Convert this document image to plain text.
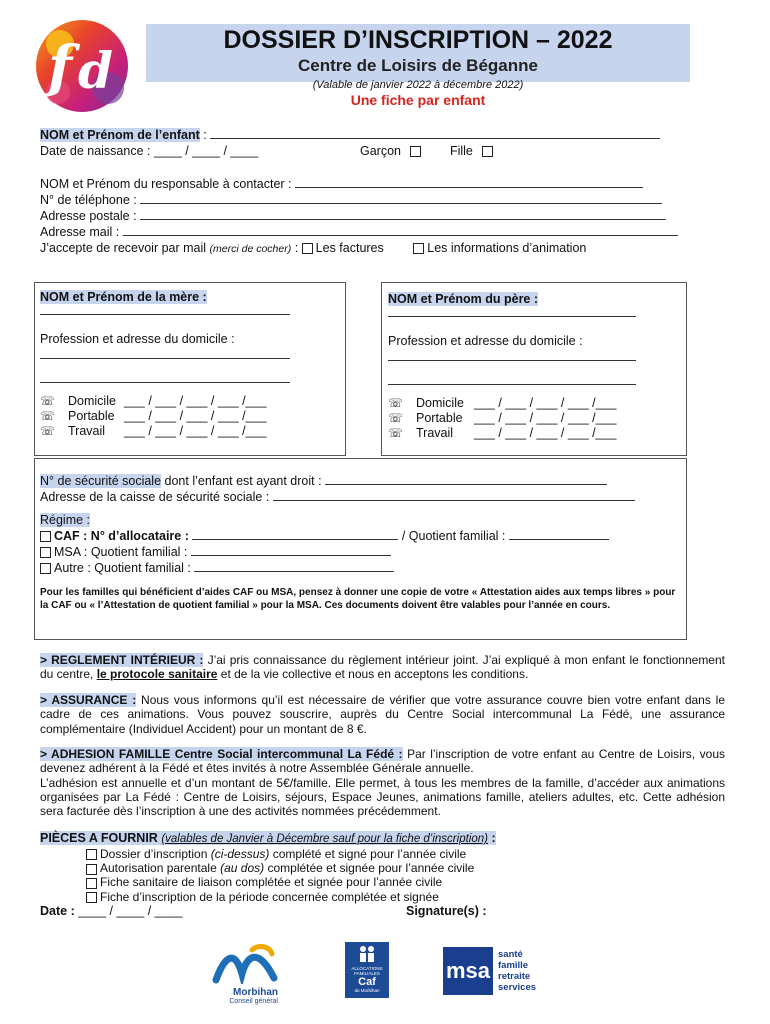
f d
DOSSIER D’INSCRIPTION – 2022
Centre de Loisirs de Béganne
(Valable de janvier 2022 à décembre 2022)
Une fiche par enfant
NOM et Prénom de l’enfant :
Date de naissance : ____ / ____ / ____	Garçon	Fille
NOM et Prénom du responsable à contacter :
N° de téléphone :
Adresse postale :
Adresse mail :
J’accepte de recevoir par mail (merci de cocher) : Les factures	Les informations d’animation
NOM et Prénom de la mère :
Profession et adresse du domicile :
☏ Domicile ___ / ___ / ___ / ___ /___
☏ Portable ___ / ___ / ___ / ___ /___
☏ Travail ___ / ___ / ___ / ___ /___
NOM et Prénom du père :
Profession et adresse du domicile :
☏ Domicile ___ / ___ / ___ / ___ /___
☏ Portable ___ / ___ / ___ / ___ /___
☏ Travail ___ / ___ / ___ / ___ /___
N° de sécurité sociale dont l’enfant est ayant droit :
Adresse de la caisse de sécurité sociale :
Régime :
CAF : N° d’allocataire :	/ Quotient familial :
MSA : Quotient familial :
Autre : Quotient familial :
Pour les familles qui bénéficient d’aides CAF ou MSA, pensez à donner une copie de votre « Attestation aides aux temps libres » pour la CAF ou « l’Attestation de quotient familial » pour la MSA. Ces documents doivent être valables pour l’année en cours.
> REGLEMENT INTÉRIEUR : J’ai pris connaissance du règlement intérieur joint. J’ai expliqué à mon enfant le fonctionnement du centre, le protocole sanitaire et de la vie collective et nous en acceptons les conditions.
> ASSURANCE : Nous vous informons qu’il est nécessaire de vérifier que votre assurance couvre bien votre enfant dans le cadre de ces animations. Vous pouvez souscrire, auprès du Centre Social intercommunal La Fédé, une assurance complémentaire (Individuel Accident) pour un montant de 8 €.
> ADHESION FAMILLE Centre Social intercommunal La Fédé : Par l’inscription de votre enfant au Centre de Loisirs, vous devenez adhérent à la Fédé et êtes invités à notre Assemblée Générale annuelle.
L’adhésion est annuelle et d’un montant de 5€/famille. Elle permet, à tous les membres de la famille, d’accéder aux animations organisées par La Fédé : Centre de Loisirs, séjours, Espace Jeunes, animations famille, ateliers adultes, etc. Cette adhésion sera facturée dès l’inscription à une des activités nommées précédemment.
PIÈCES A FOURNIR (valables de Janvier à Décembre sauf pour la fiche d’inscription) :
Dossier d’inscription (ci-dessus) complété et signé pour l’année civile
Autorisation parentale (au dos) complétée et signée pour l’année civile
Fiche sanitaire de liaison complétée et signée pour l’année civile
Fiche d’inscription de la période concernée complétée et signée
Date : ____ / ____ / ____	Signature(s) :
Morbihan
Conseil général
ALLOCATIONS
FAMILIALES
Caf
du Morbihan
msa
santé
famille
retraite
services
